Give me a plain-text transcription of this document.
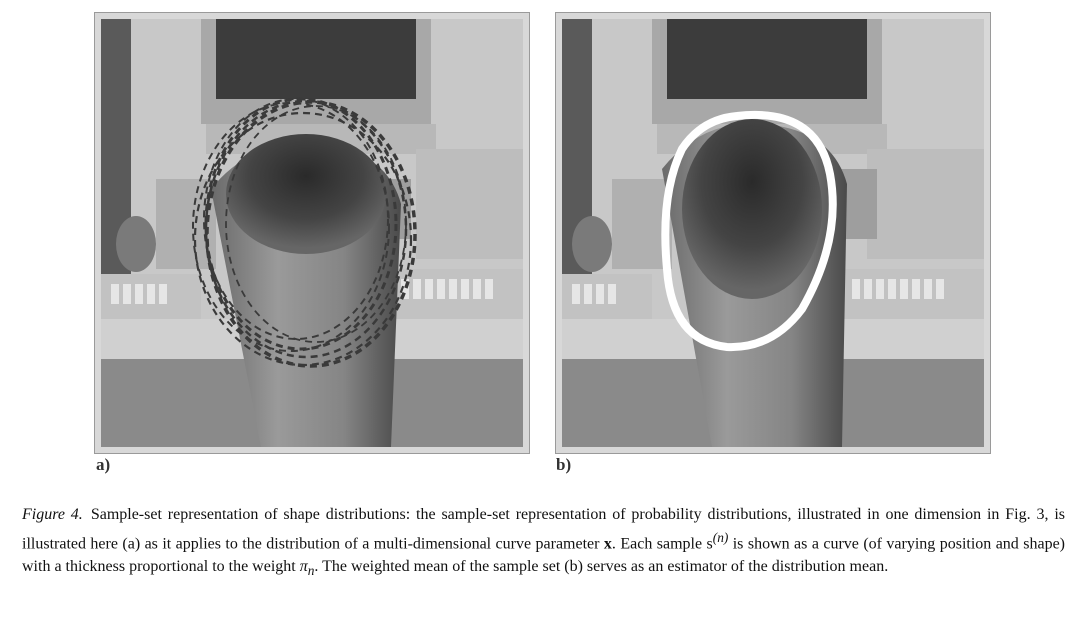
a)	b)
Figure 4. Sample-set representation of shape distributions: the sample-set representation of probability distributions, illustrated in one dimension in Fig. 3, is illustrated here (a) as it applies to the distribution of a multi-dimensional curve parameter x. Each sample $s^{(n)}$ is shown as a curve (of varying position and shape) with a thickness proportional to the weight $\pi_n$. The weighted mean of the sample set (b) serves as an estimator of the distribution mean.
